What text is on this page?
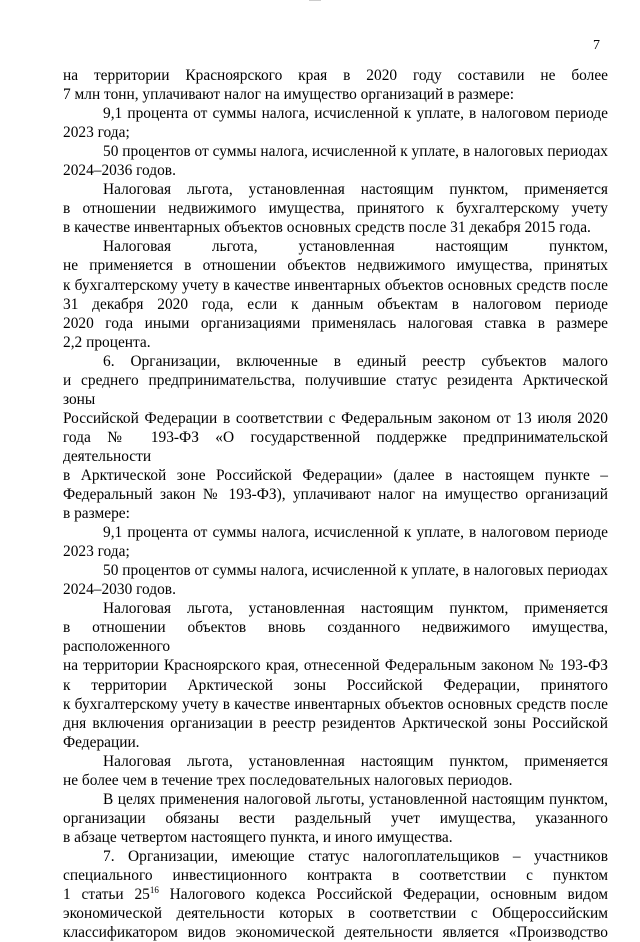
7

на территории Красноярского края в 2020 году составили не более
7 млн тонн, уплачивают налог на имущество организаций в размере:

9,1 процента от суммы налога, исчисленной к уплате, в налоговом периоде
2023 года;

50 процентов от суммы налога, исчисленной к уплате, в налоговых периодах
2024–2036 годов.

Налоговая льгота, установленная настоящим пунктом, применяется
в отношении недвижимого имущества, принятого к бухгалтерскому учету
в качестве инвентарных объектов основных средств после 31 декабря 2015 года.

Налоговая льгота, установленная настоящим пунктом,
не применяется в отношении объектов недвижимого имущества, принятых
к бухгалтерскому учету в качестве инвентарных объектов основных средств после
31 декабря 2020 года, если к данным объектам в налоговом периоде
2020 года иными организациями применялась налоговая ставка в размере
2,2 процента.

6. Организации, включенные в единый реестр субъектов малого
и среднего предпринимательства, получившие статус резидента Арктической зоны
Российской Федерации в соответствии с Федеральным законом от 13 июля 2020
года № 193-ФЗ «О государственной поддержке предпринимательской деятельности
в Арктической зоне Российской Федерации» (далее в настоящем пункте –
Федеральный закон № 193-ФЗ), уплачивают налог на имущество организаций
в размере:

9,1 процента от суммы налога, исчисленной к уплате, в налоговом периоде
2023 года;

50 процентов от суммы налога, исчисленной к уплате, в налоговых периодах
2024–2030 годов.

Налоговая льгота, установленная настоящим пунктом, применяется
в отношении объектов вновь созданного недвижимого имущества, расположенного
на территории Красноярского края, отнесенной Федеральным законом № 193-ФЗ
к территории Арктической зоны Российской Федерации, принятого
к бухгалтерскому учету в качестве инвентарных объектов основных средств после
дня включения организации в реестр резидентов Арктической зоны Российской
Федерации.

Налоговая льгота, установленная настоящим пунктом, применяется
не более чем в течение трех последовательных налоговых периодов.

В целях применения налоговой льготы, установленной настоящим пунктом,
организации обязаны вести раздельный учет имущества, указанного
в абзаце четвертом настоящего пункта, и иного имущества.

7. Организации, имеющие статус налогоплательщиков – участников
специального инвестиционного контракта в соответствии с пунктом
1 статьи $25^{16}$ Налогового кодекса Российской Федерации, основным видом
экономической деятельности которых в соответствии с Общероссийским
классификатором видов экономической деятельности является «Производство
